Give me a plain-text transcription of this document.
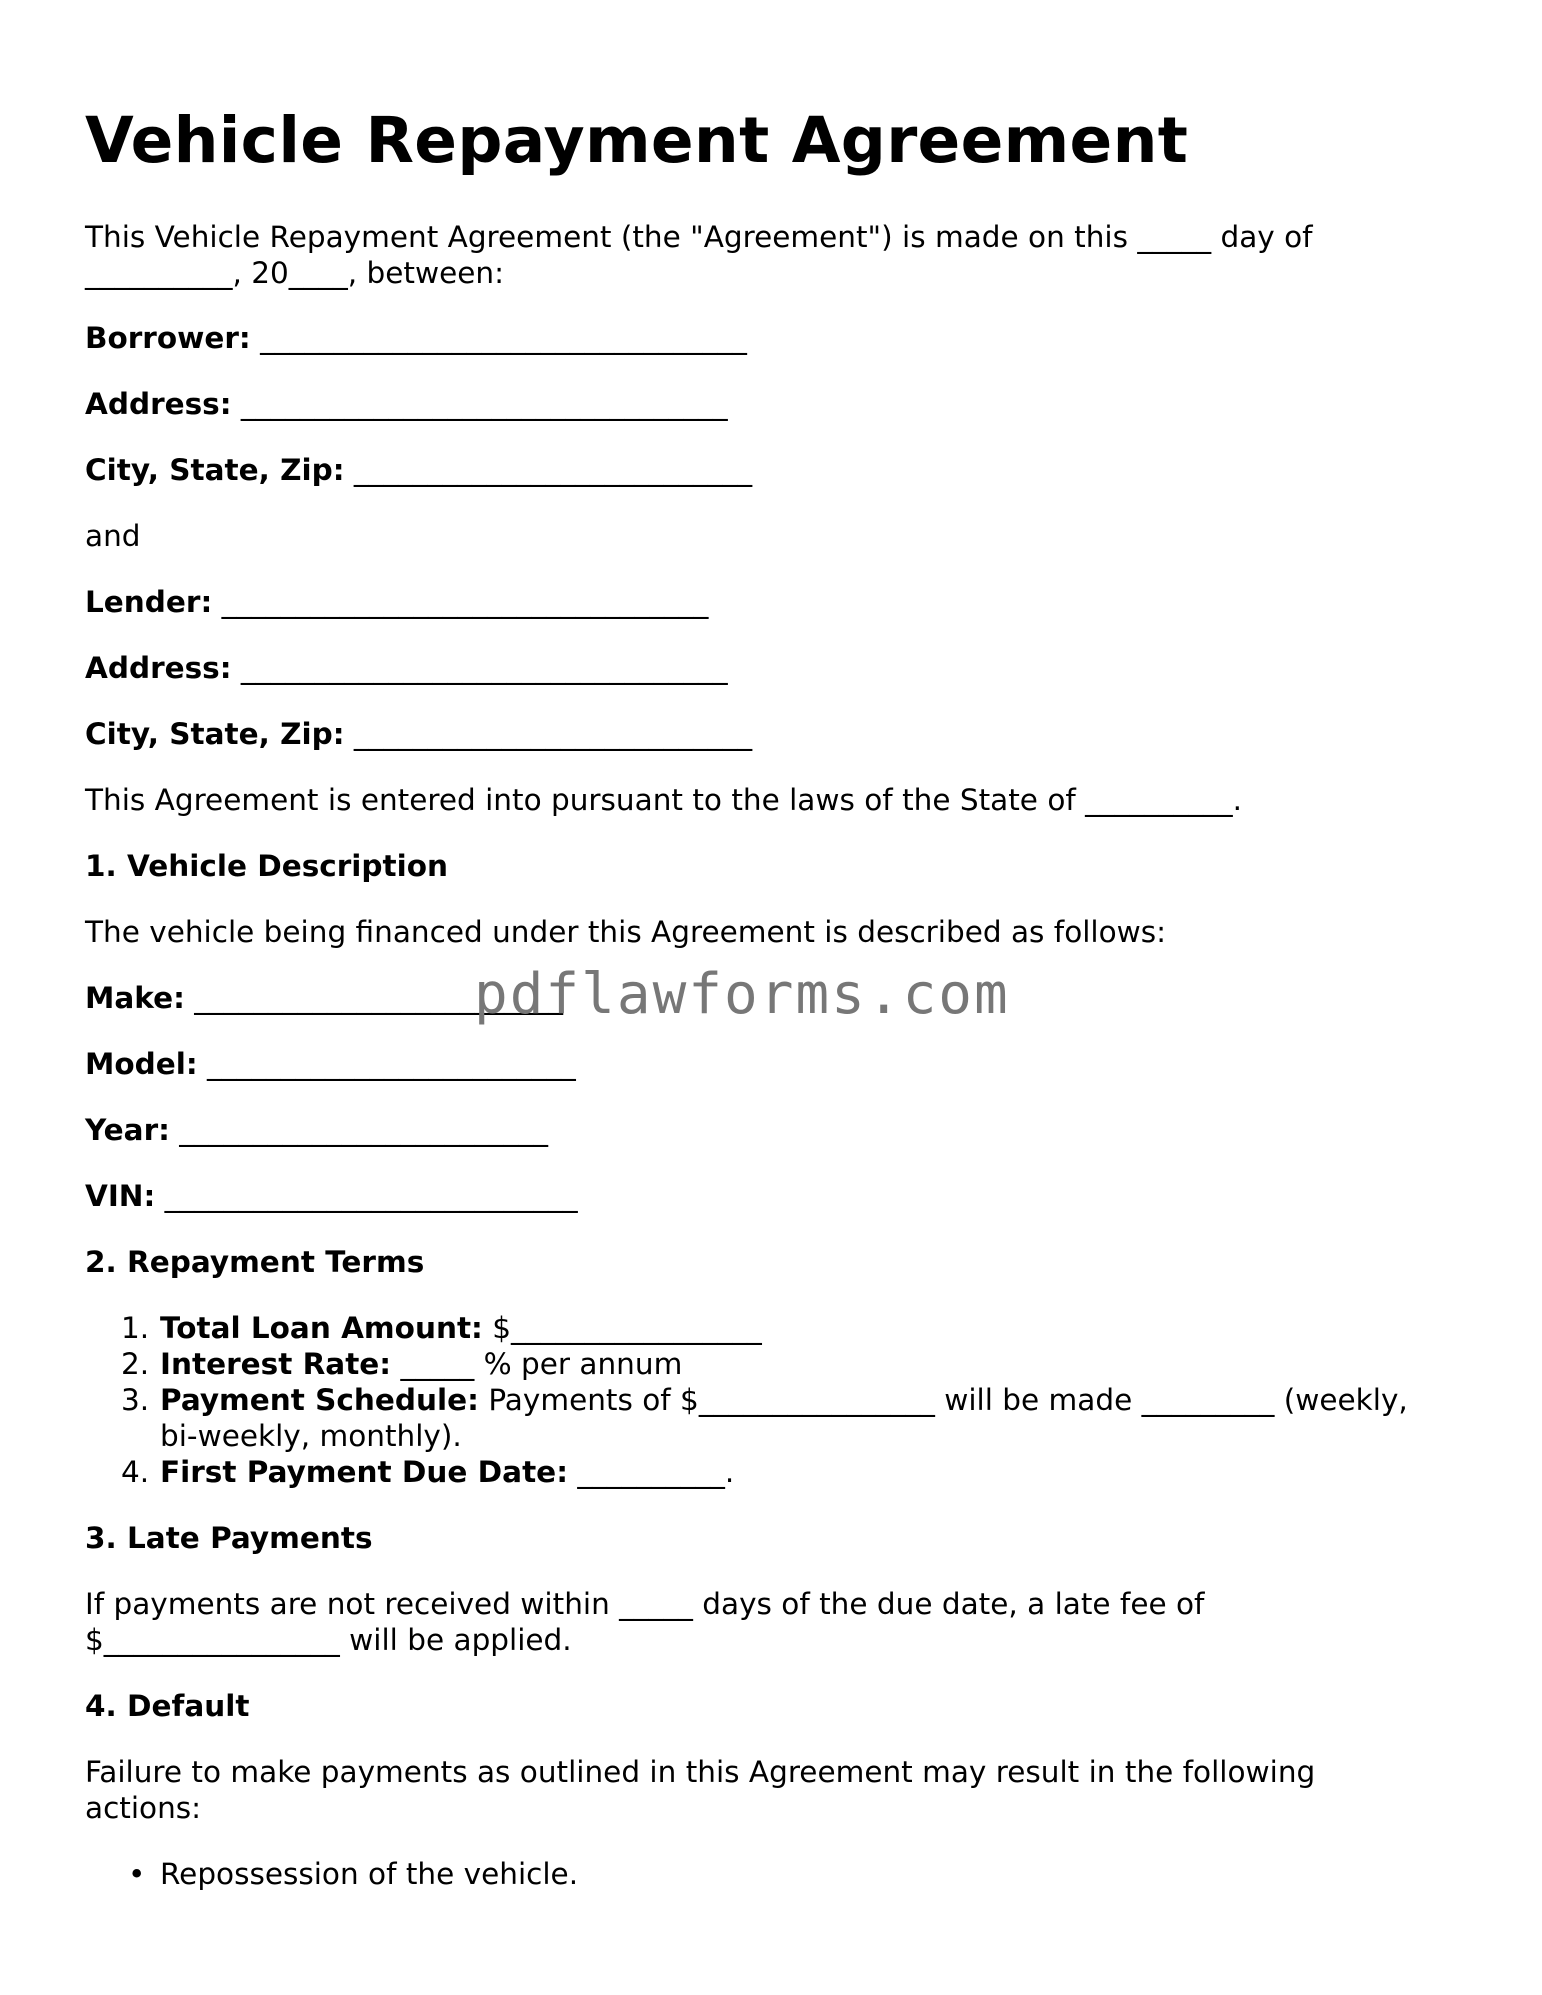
Vehicle Repayment Agreement
This Vehicle Repayment Agreement (the "Agreement") is made on this _____ day of
__________, 20____, between:
Borrower: _________________________________
Address: _________________________________
City, State, Zip: ___________________________
and
Lender: _________________________________
Address: _________________________________
City, State, Zip: ___________________________
This Agreement is entered into pursuant to the laws of the State of __________.
1. Vehicle Description
The vehicle being financed under this Agreement is described as follows:
Make: _________________________
Model: _________________________
Year: _________________________
VIN: ____________________________
2. Repayment Terms
1. Total Loan Amount: $_________________
2. Interest Rate: _____ % per annum
3. Payment Schedule: Payments of $________________ will be made _________ (weekly,
bi-weekly, monthly).
4. First Payment Due Date: __________.
3. Late Payments
If payments are not received within _____ days of the due date, a late fee of
$________________ will be applied.
4. Default
Failure to make payments as outlined in this Agreement may result in the following
actions:
• Repossession of the vehicle.
pdflawforms.com
